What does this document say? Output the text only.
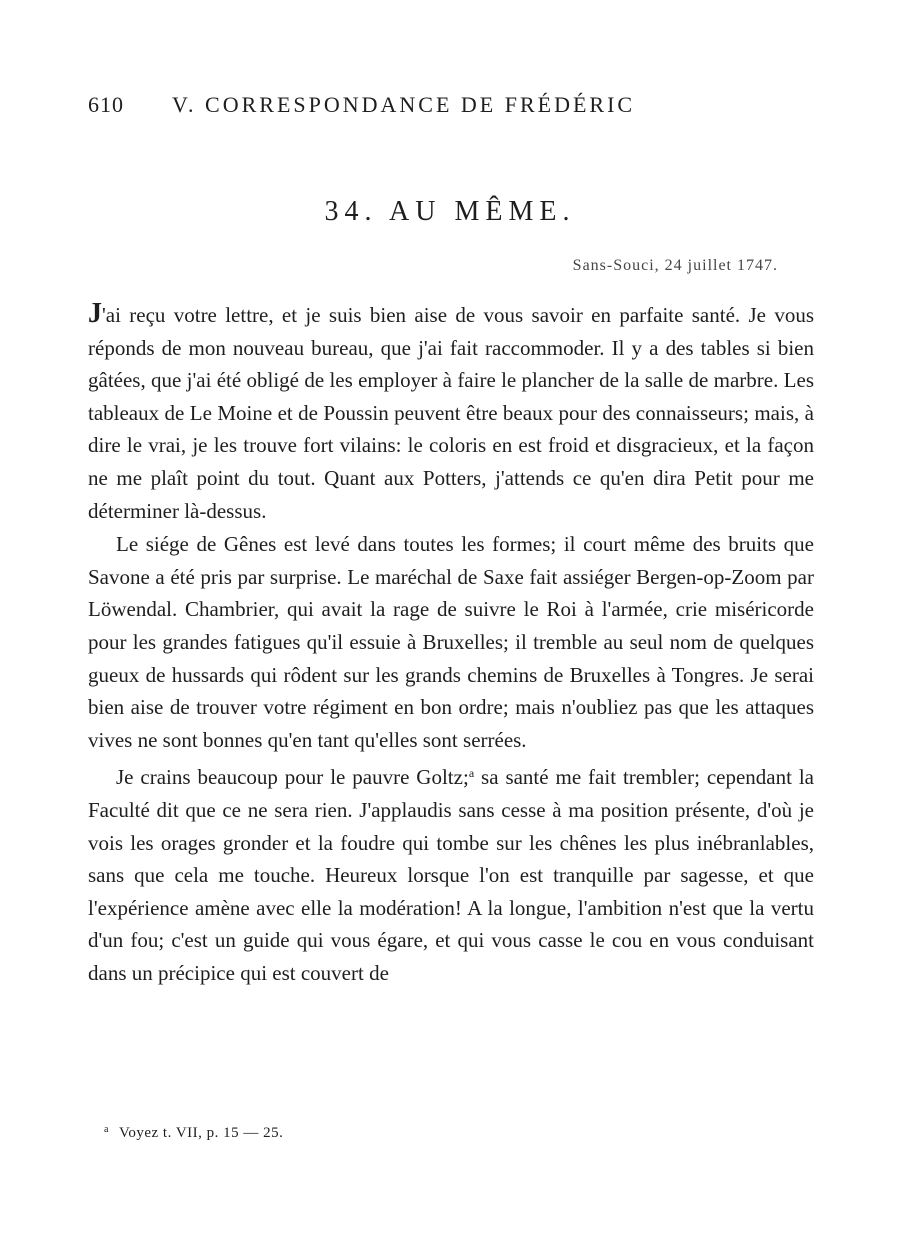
610 V. CORRESPONDANCE DE FRÉDÉRIC
34. AU MÊME.
Sans-Souci, 24 juillet 1747.

J'ai reçu votre lettre, et je suis bien aise de vous savoir en parfaite santé. Je vous réponds de mon nouveau bureau, que j'ai fait raccommoder. Il y a des tables si bien gâtées, que j'ai été obligé de les employer à faire le plancher de la salle de marbre. Les tableaux de Le Moine et de Poussin peuvent être beaux pour des connaisseurs; mais, à dire le vrai, je les trouve fort vilains: le coloris en est froid et disgracieux, et la façon ne me plaît point du tout. Quant aux Potters, j'attends ce qu'en dira Petit pour me déterminer là-dessus.

Le siége de Gênes est levé dans toutes les formes; il court même des bruits que Savone a été pris par surprise. Le maréchal de Saxe fait assiéger Bergen-op-Zoom par Löwendal. Chambrier, qui avait la rage de suivre le Roi à l'armée, crie miséricorde pour les grandes fatigues qu'il essuie à Bruxelles; il tremble au seul nom de quelques gueux de hussards qui rôdent sur les grands chemins de Bruxelles à Tongres. Je serai bien aise de trouver votre régiment en bon ordre; mais n'oubliez pas que les attaques vives ne sont bonnes qu'en tant qu'elles sont serrées.

Je crains beaucoup pour le pauvre Goltz;$^a$ sa santé me fait trembler; cependant la Faculté dit que ce ne sera rien. J'applaudis sans cesse à ma position présente, d'où je vois les orages gronder et la foudre qui tombe sur les chênes les plus inébranlables, sans que cela me touche. Heureux lorsque l'on est tranquille par sagesse, et que l'expérience amène avec elle la modération! A la longue, l'ambition n'est que la vertu d'un fou; c'est un guide qui vous égare, et qui vous casse le cou en vous conduisant dans un précipice qui est couvert de

$^a$ Voyez t. VII, p. 15 — 25.
